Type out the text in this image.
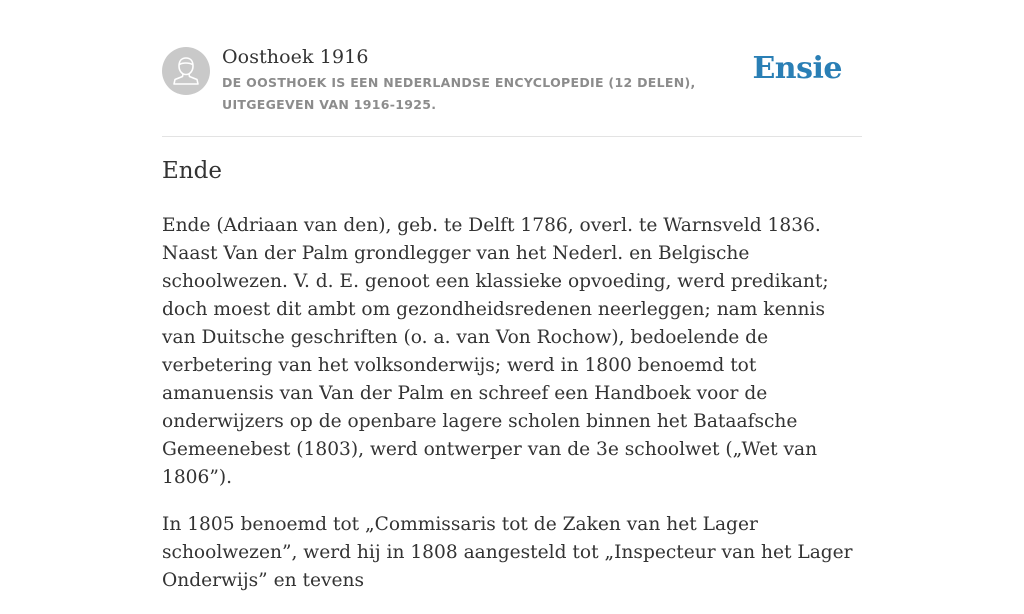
Oosthoek 1916
DE OOSTHOEK IS EEN NEDERLANDSE ENCYCLOPEDIE (12 DELEN), UITGEGEVEN VAN 1916-1925.
Ensie
Ende

Ende (Adriaan van den), geb. te Delft 1786, overl. te Warnsveld 1836. Naast Van der Palm grondlegger van het Nederl. en Belgische schoolwezen. V. d. E. genoot een klassieke opvoeding, werd predikant; doch moest dit ambt om gezondheidsredenen neerleggen; nam kennis van Duitsche geschriften (o. a. van Von Rochow), bedoelende de verbetering van het volksonderwijs; werd in 1800 benoemd tot amanuensis van Van der Palm en schreef een Handboek voor de onderwijzers op de openbare lagere scholen binnen het Bataafsche Gemeenebest (1803), werd ontwerper van de 3e schoolwet („Wet van 1806”).

In 1805 benoemd tot „Commissaris tot de Zaken van het Lager schoolwezen”, werd hij in 1808 aangesteld tot „Inspecteur van het Lager Onderwijs” en tevens
